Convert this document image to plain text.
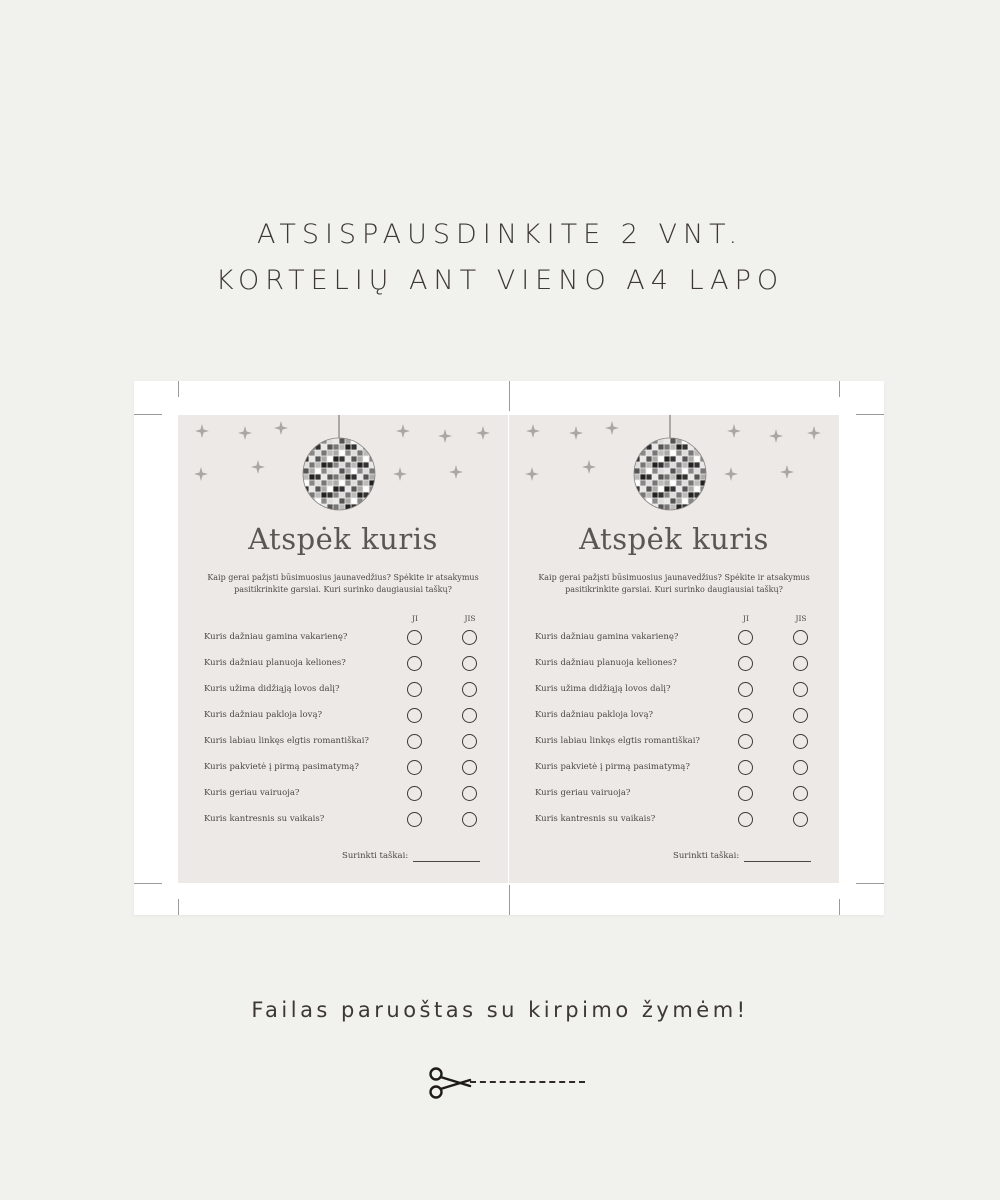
ATSISPAUSDINKITE 2 VNT.
KORTELIŲ ANT VIENO A4 LAPO
Atspėk kuris
Kaip gerai pažįsti būsimuosius jaunavedžius? Spėkite ir atsakymus pasitikrinkite garsiai. Kuri surinko daugiausiai taškų?
JI	JIS
Kuris dažniau gamina vakarienę?
Kuris dažniau planuoja keliones?
Kuris užima didžiąją lovos dalį?
Kuris dažniau pakloja lovą?
Kuris labiau linkęs elgtis romantiškai?
Kuris pakvietė į pirmą pasimatymą?
Kuris geriau vairuoja?
Kuris kantresnis su vaikais?
Surinkti taškai:
Atspėk kuris
Kaip gerai pažįsti būsimuosius jaunavedžius? Spėkite ir atsakymus pasitikrinkite garsiai. Kuri surinko daugiausiai taškų?
JI	JIS
Kuris dažniau gamina vakarienę?
Kuris dažniau planuoja keliones?
Kuris užima didžiąją lovos dalį?
Kuris dažniau pakloja lovą?
Kuris labiau linkęs elgtis romantiškai?
Kuris pakvietė į pirmą pasimatymą?
Kuris geriau vairuoja?
Kuris kantresnis su vaikais?
Surinkti taškai:
Failas paruoštas su kirpimo žymėm!
